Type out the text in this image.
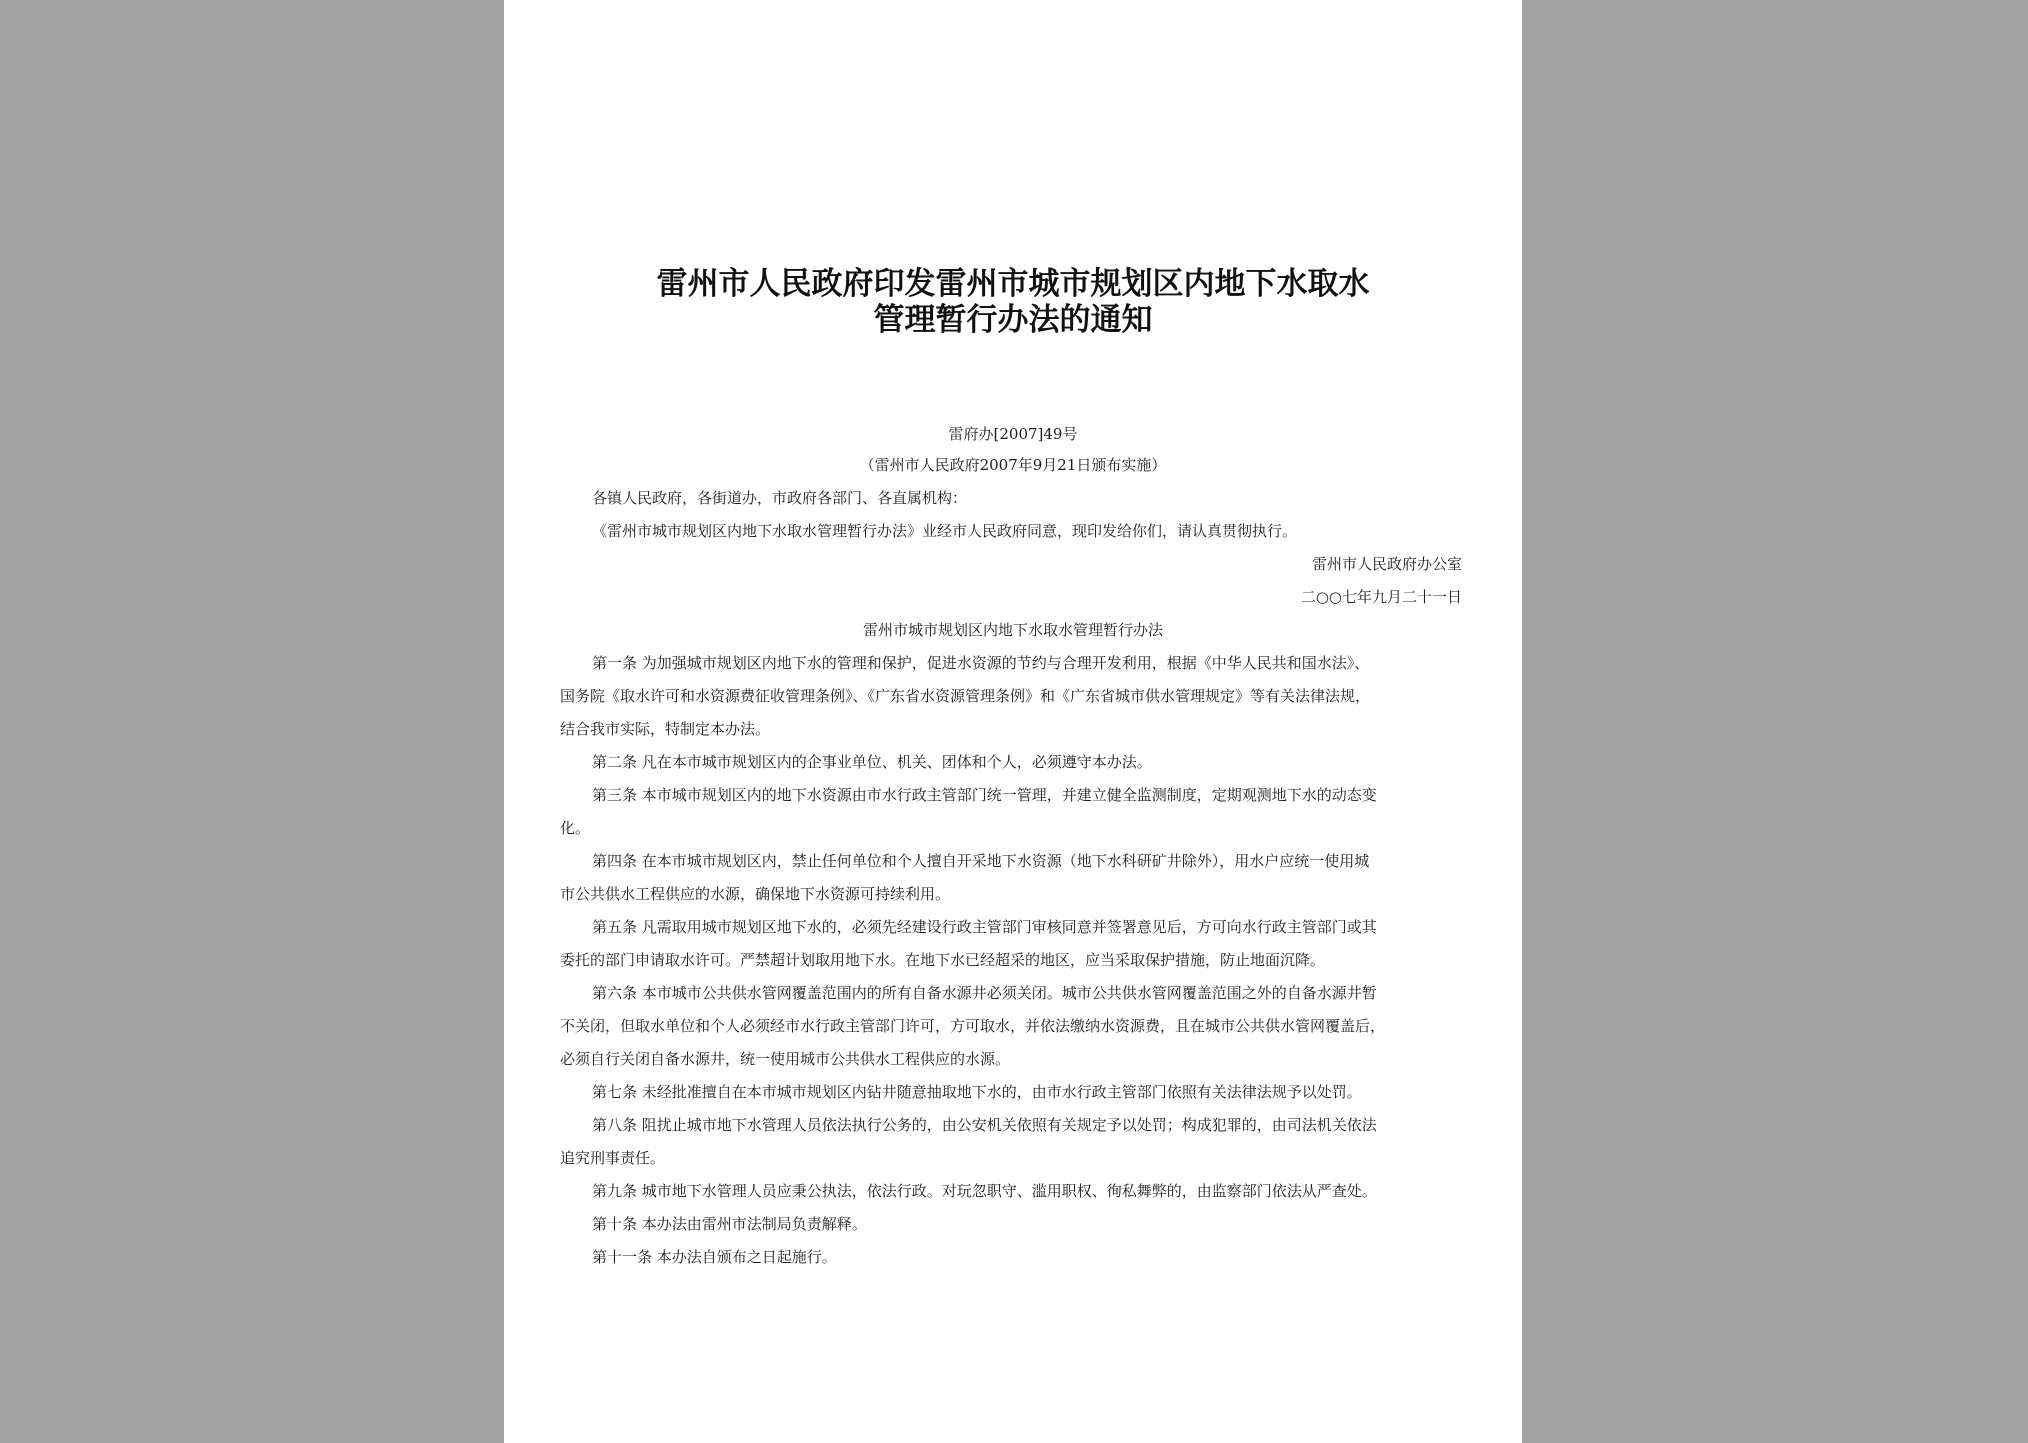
雷州市人民政府印发雷州市城市规划区内地下水取水
管理暂行办法的通知
雷府办[2007]49号
（雷州市人民政府2007年9月21日颁布实施）
各镇人民政府，各街道办，市政府各部门、各直属机构：
《雷州市城市规划区内地下水取水管理暂行办法》业经市人民政府同意，现印发给你们，请认真贯彻执行。
雷州市人民政府办公室
二○○七年九月二十一日
雷州市城市规划区内地下水取水管理暂行办法
第一条 为加强城市规划区内地下水的管理和保护，促进水资源的节约与合理开发利用，根据《中华人民共和国水法》、
国务院《取水许可和水资源费征收管理条例》、《广东省水资源管理条例》和《广东省城市供水管理规定》等有关法律法规，
结合我市实际，特制定本办法。
第二条 凡在本市城市规划区内的企事业单位、机关、团体和个人，必须遵守本办法。
第三条 本市城市规划区内的地下水资源由市水行政主管部门统一管理，并建立健全监测制度，定期观测地下水的动态变
化。
第四条 在本市城市规划区内，禁止任何单位和个人擅自开采地下水资源（地下水科研矿井除外），用水户应统一使用城
市公共供水工程供应的水源，确保地下水资源可持续利用。
第五条 凡需取用城市规划区地下水的，必须先经建设行政主管部门审核同意并签署意见后，方可向水行政主管部门或其
委托的部门申请取水许可。严禁超计划取用地下水。在地下水已经超采的地区，应当采取保护措施，防止地面沉降。
第六条 本市城市公共供水管网覆盖范围内的所有自备水源井必须关闭。城市公共供水管网覆盖范围之外的自备水源井暂
不关闭，但取水单位和个人必须经市水行政主管部门许可，方可取水，并依法缴纳水资源费，且在城市公共供水管网覆盖后，
必须自行关闭自备水源井，统一使用城市公共供水工程供应的水源。
第七条 未经批准擅自在本市城市规划区内钻井随意抽取地下水的，由市水行政主管部门依照有关法律法规予以处罚。
第八条 阻扰止城市地下水管理人员依法执行公务的，由公安机关依照有关规定予以处罚；构成犯罪的，由司法机关依法
追究刑事责任。
第九条 城市地下水管理人员应秉公执法，依法行政。对玩忽职守、滥用职权、徇私舞弊的，由监察部门依法从严查处。
第十条 本办法由雷州市法制局负责解释。
第十一条 本办法自颁布之日起施行。
